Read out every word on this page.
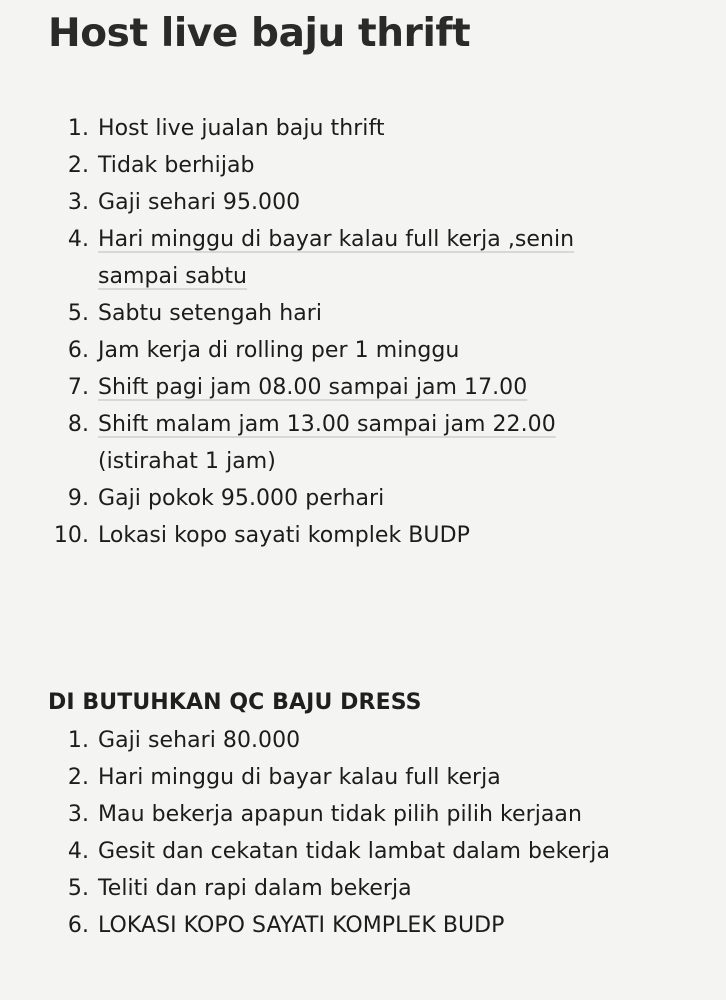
Host live baju thrift
1. Host live jualan baju thrift
2. Tidak berhijab
3. Gaji sehari 95.000
4. Hari minggu di bayar kalau full kerja ,senin
sampai sabtu
5. Sabtu setengah hari
6. Jam kerja di rolling per 1 minggu
7. Shift pagi jam 08.00 sampai jam 17.00
8. Shift malam jam 13.00 sampai jam 22.00
(istirahat 1 jam)
9. Gaji pokok 95.000 perhari
10. Lokasi kopo sayati komplek BUDP
DI BUTUHKAN QC BAJU DRESS
1. Gaji sehari 80.000
2. Hari minggu di bayar kalau full kerja
3. Mau bekerja apapun tidak pilih pilih kerjaan
4. Gesit dan cekatan tidak lambat dalam bekerja
5. Teliti dan rapi dalam bekerja
6. LOKASI KOPO SAYATI KOMPLEK BUDP
